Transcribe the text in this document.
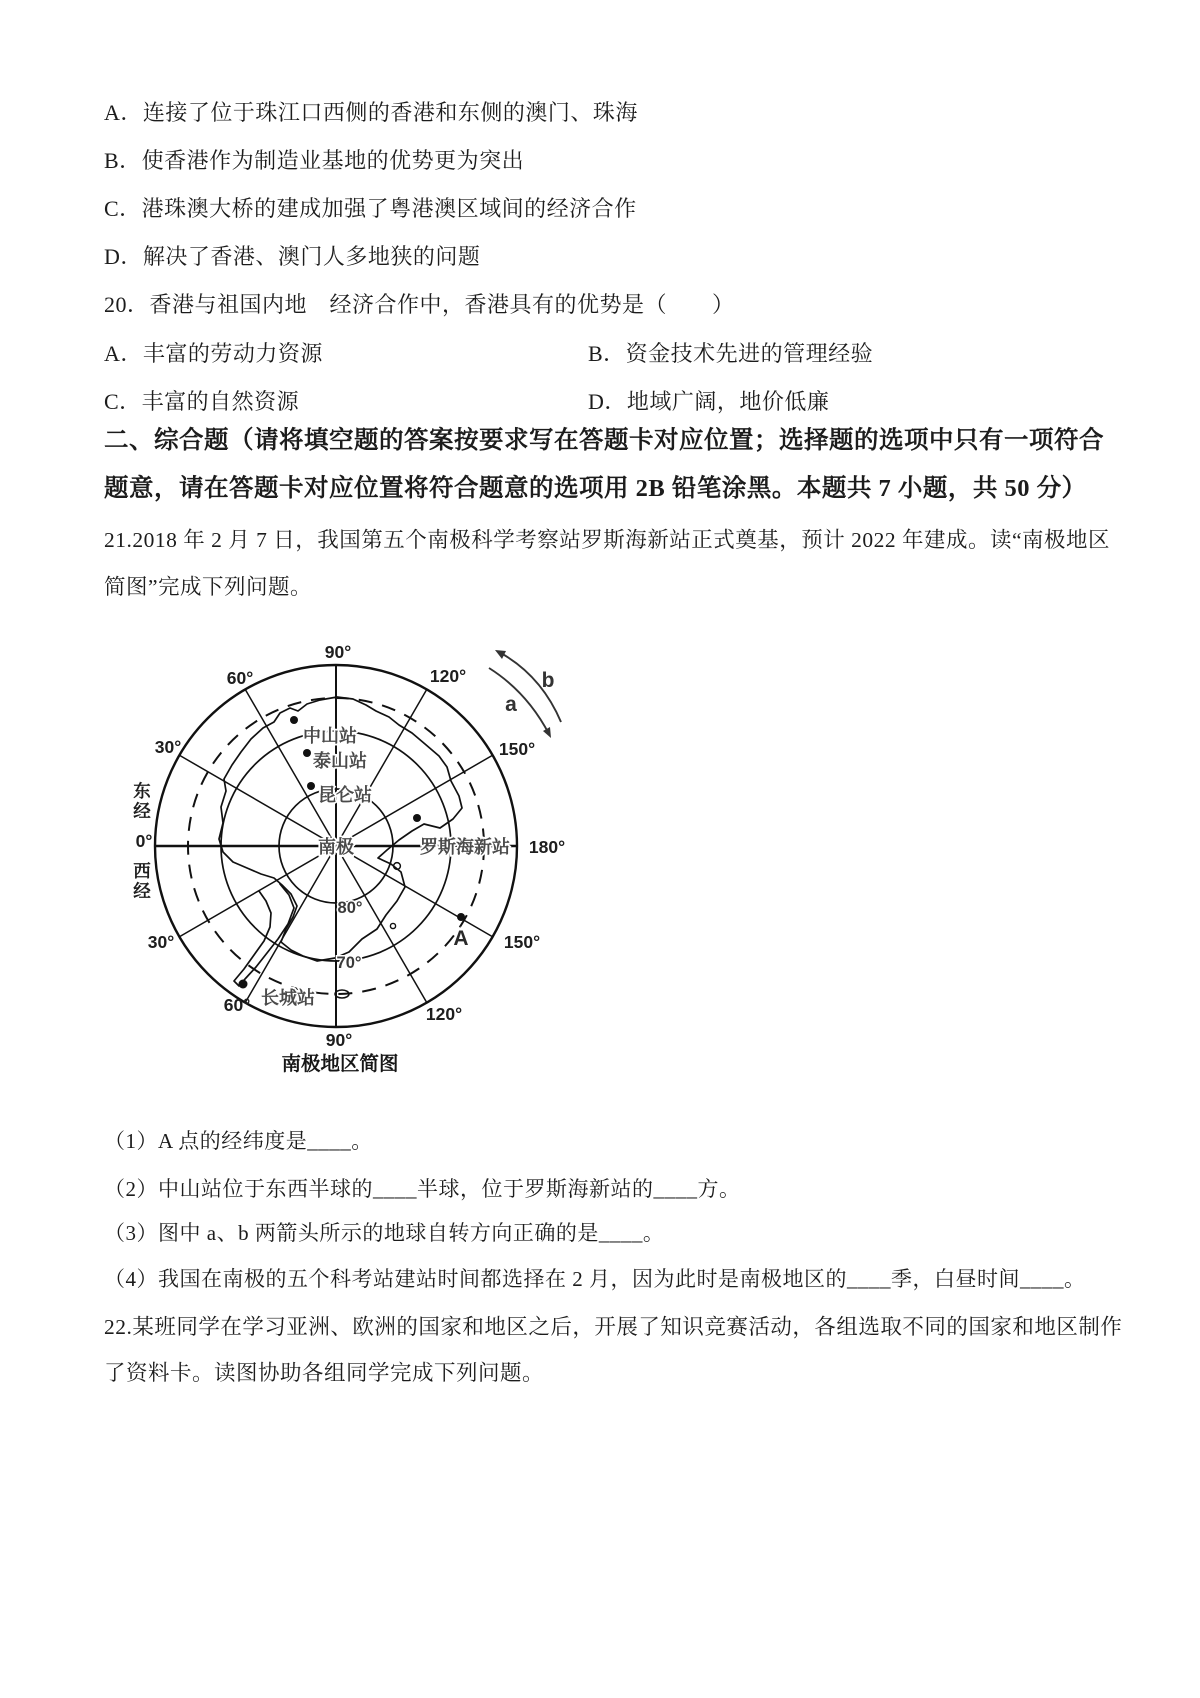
A．连接了位于珠江口西侧的香港和东侧的澳门、珠海
B．使香港作为制造业基地的优势更为突出
C．港珠澳大桥的建成加强了粤港澳区域间的经济合作
D．解决了香港、澳门人多地狭的问题
20．香港与祖国内地　经济合作中，香港具有的优势是（　　）
A．丰富的劳动力资源	B．资金技术先进的管理经验
C．丰富的自然资源	D．地域广阔，地价低廉
二、综合题（请将填空题的答案按要求写在答题卡对应位置；选择题的选项中只有一项符合
题意，请在答题卡对应位置将符合题意的选项用 2B 铅笔涂黑。本题共 7 小题，共 50 分）
21.2018 年 2 月 7 日，我国第五个南极科学考察站罗斯海新站正式奠基，预计 2022 年建成。读“南极地区
简图”完成下列问题。
a
b
90°
60°	120°
30°	150°
180°
30°	150°
60°	120°
90°
东
经
0°
西
经
80°
70°
中山站
泰山站
昆仑站
南极	罗斯海新站
A
长城站
南极地区简图
（1）A 点的经纬度是____。
（2）中山站位于东西半球的____半球，位于罗斯海新站的____方。
（3）图中 a、b 两箭头所示的地球自转方向正确的是____。
（4）我国在南极的五个科考站建站时间都选择在 2 月，因为此时是南极地区的____季，白昼时间____。
22.某班同学在学习亚洲、欧洲的国家和地区之后，开展了知识竞赛活动，各组选取不同的国家和地区制作
了资料卡。读图协助各组同学完成下列问题。
